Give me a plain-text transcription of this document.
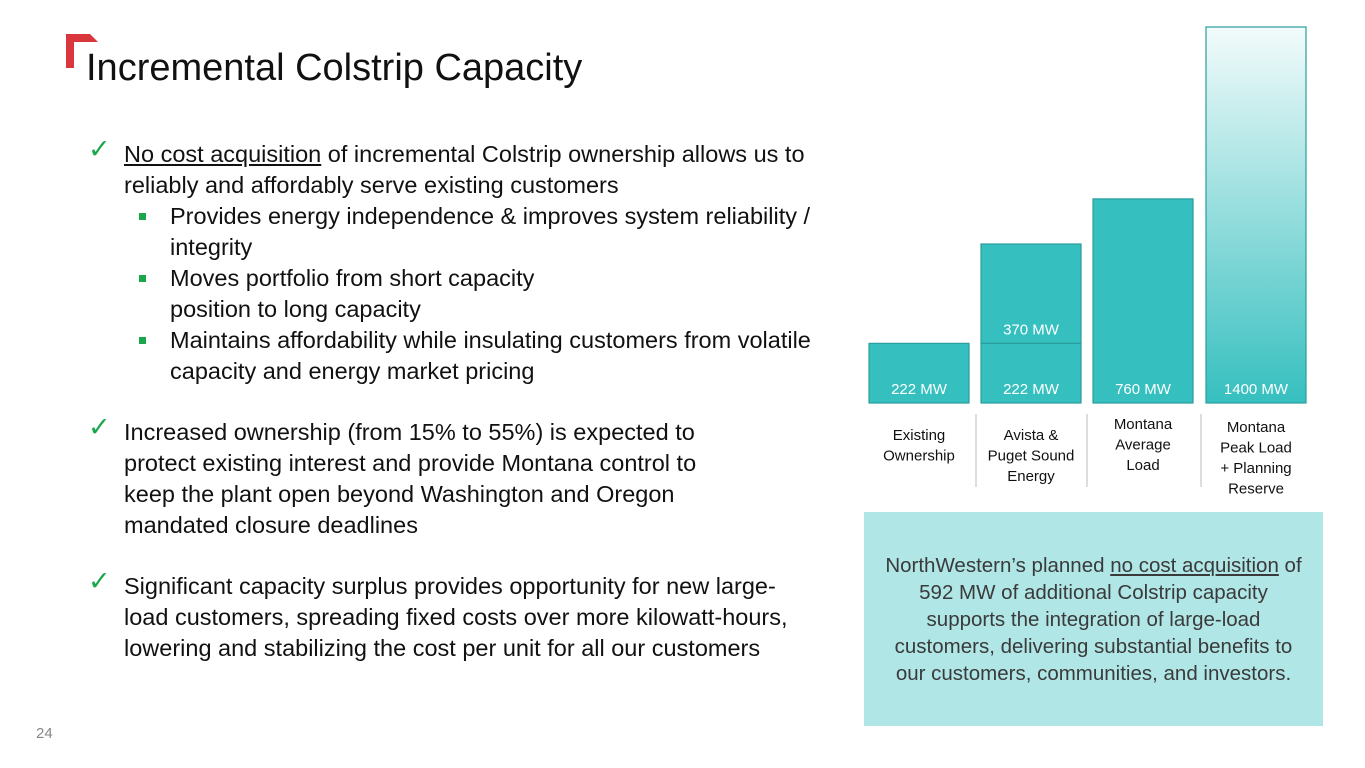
Incremental Colstrip Capacity
✓ No cost acquisition of incremental Colstrip ownership allows us to reliably and affordably serve existing customers
Provides energy independence & improves system reliability / integrity
Moves portfolio from short capacity position to long capacity
Maintains affordability while insulating customers from volatile capacity and energy market pricing
✓ Increased ownership (from 15% to 55%) is expected to protect existing interest and provide Montana control to keep the plant open beyond Washington and Oregon mandated closure deadlines
✓ Significant capacity surplus provides opportunity for new large-load customers, spreading fixed costs over more kilowatt-hours, lowering and stabilizing the cost per unit for all our customers
24
222 MW	222 MW
370 MW
760 MW	1400 MW
Existing
Ownership
Avista &
Puget Sound
Energy
Montana
Average
Load
Montana
Peak Load
+ Planning
Reserve
NorthWestern’s planned no cost acquisition of 592 MW of additional Colstrip capacity supports the integration of large-load customers, delivering substantial benefits to our customers, communities, and investors.
